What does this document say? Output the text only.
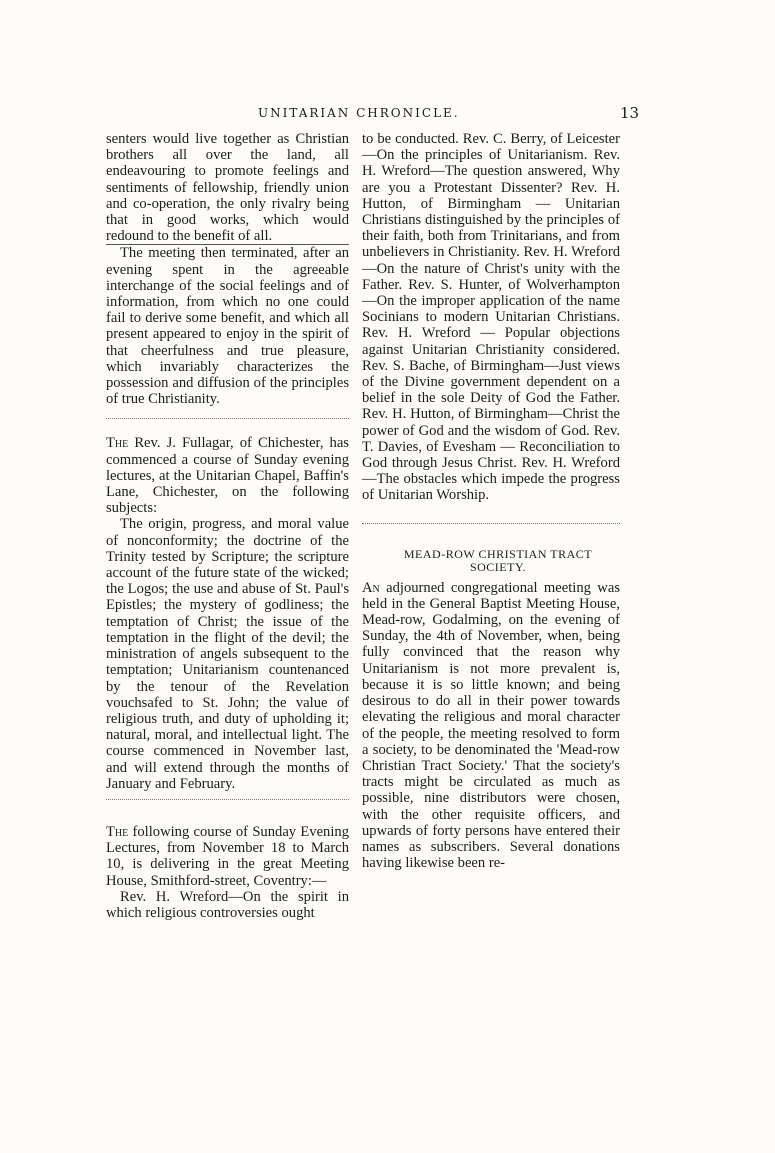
UNITARIAN CHRONICLE.	13

senters would live together as Christian brothers all over the land, all endeavouring to promote feelings and sentiments of fellowship, friendly union and co-operation, the only rivalry being that in good works, which would redound to the benefit of all.

The meeting then terminated, after an evening spent in the agreeable interchange of the social feelings and of information, from which no one could fail to derive some benefit, and which all present appeared to enjoy in the spirit of that cheerfulness and true pleasure, which invariably characterizes the possession and diffusion of the principles of true Christianity.

The Rev. J. Fullagar, of Chichester, has commenced a course of Sunday evening lectures, at the Unitarian Chapel, Baffin's Lane, Chichester, on the following subjects:

The origin, progress, and moral value of nonconformity; the doctrine of the Trinity tested by Scripture; the scripture account of the future state of the wicked; the Logos; the use and abuse of St. Paul's Epistles; the mystery of godliness; the temptation of Christ; the issue of the temptation in the flight of the devil; the ministration of angels subsequent to the temptation; Unitarianism countenanced by the tenour of the Revelation vouchsafed to St. John; the value of religious truth, and duty of upholding it; natural, moral, and intellectual light. The course commenced in November last, and will extend through the months of January and February.

The following course of Sunday Evening Lectures, from November 18 to March 10, is delivering in the great Meeting House, Smithford-street, Coventry:—

Rev. H. Wreford—On the spirit in which religious controversies ought

to be conducted. Rev. C. Berry, of Leicester—On the principles of Unitarianism. Rev. H. Wreford—The question answered, Why are you a Protestant Dissenter? Rev. H. Hutton, of Birmingham — Unitarian Christians distinguished by the principles of their faith, both from Trinitarians, and from unbelievers in Christianity. Rev. H. Wreford—On the nature of Christ's unity with the Father. Rev. S. Hunter, of Wolverhampton—On the improper application of the name Socinians to modern Unitarian Christians. Rev. H. Wreford — Popular objections against Unitarian Christianity considered. Rev. S. Bache, of Birmingham—Just views of the Divine government dependent on a belief in the sole Deity of God the Father. Rev. H. Hutton, of Birmingham—Christ the power of God and the wisdom of God. Rev. T. Davies, of Evesham — Reconciliation to God through Jesus Christ. Rev. H. Wreford—The obstacles which impede the progress of Unitarian Worship.

MEAD-ROW CHRISTIAN TRACT

SOCIETY.

An adjourned congregational meeting was held in the General Baptist Meeting House, Mead-row, Godalming, on the evening of Sunday, the 4th of November, when, being fully convinced that the reason why Unitarianism is not more prevalent is, because it is so little known; and being desirous to do all in their power towards elevating the religious and moral character of the people, the meeting resolved to form a society, to be denominated the 'Mead-row Christian Tract Society.' That the society's tracts might be circulated as much as possible, nine distributors were chosen, with the other requisite officers, and upwards of forty persons have entered their names as subscribers. Several donations having likewise been re-
